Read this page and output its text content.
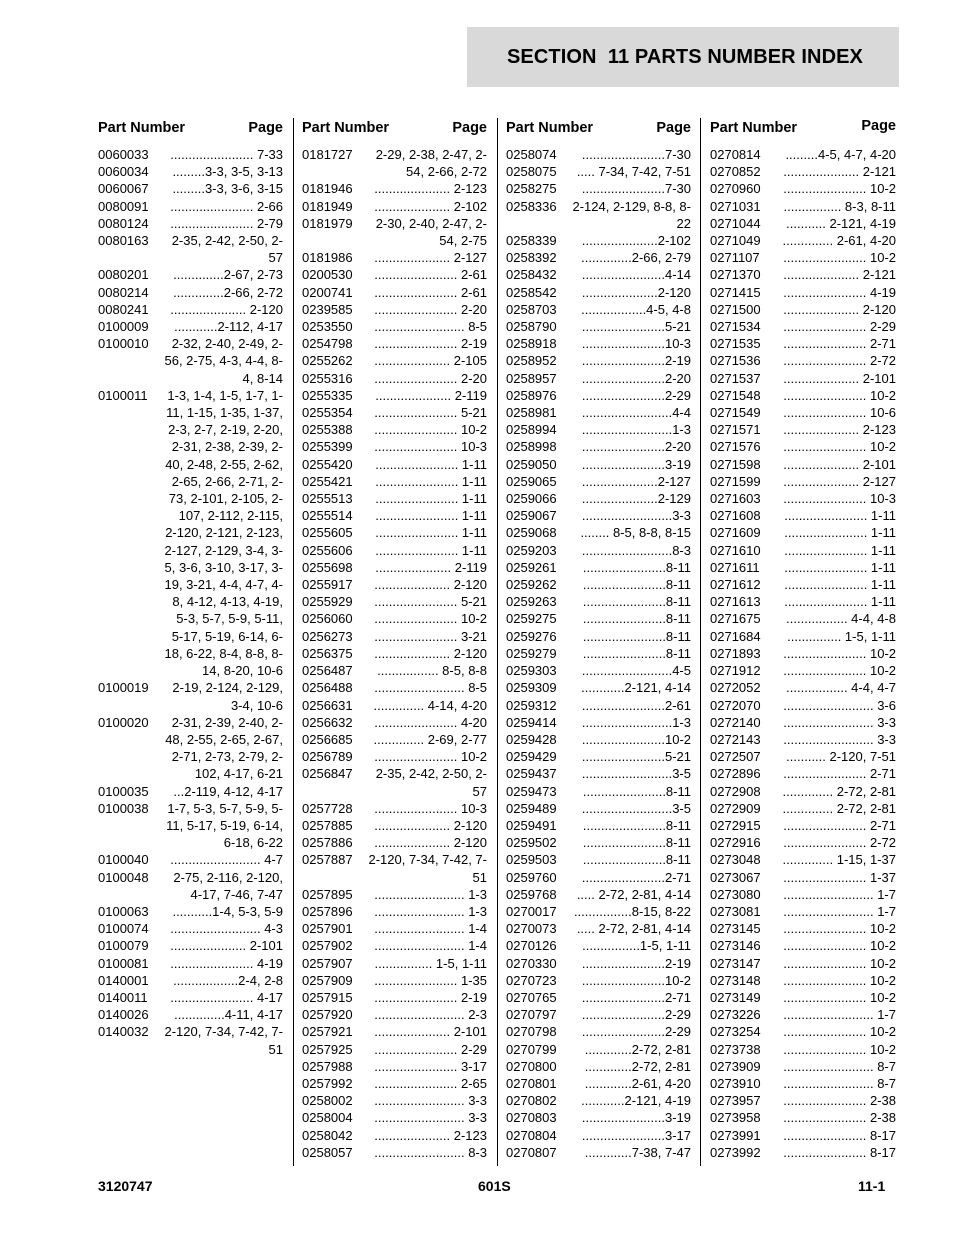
SECTION  11 PARTS NUMBER INDEX
Part Number	Page
0060033	....................... 7-33
0060034	.........3-3, 3-5, 3-13
0060067	.........3-3, 3-6, 3-15
0080091	....................... 2-66
0080124	....................... 2-79
0080163	2-35, 2-42, 2-50, 2-57
0080201	..............2-67, 2-73
0080214	..............2-66, 2-72
0080241	..................... 2-120
0100009	............2-112, 4-17
0100010	2-32, 2-40, 2-49, 2-56, 2-75, 4-3, 4-4, 8-4, 8-14
0100011	1-3, 1-4, 1-5, 1-7, 1-11, 1-15, 1-35, 1-37, 2-3, 2-7, 2-19, 2-20, 2-31, 2-38, 2-39, 2-40, 2-48, 2-55, 2-62, 2-65, 2-66, 2-71, 2-73, 2-101, 2-105, 2-107, 2-112, 2-115, 2-120, 2-121, 2-123, 2-127, 2-129, 3-4, 3-5, 3-6, 3-10, 3-17, 3-19, 3-21, 4-4, 4-7, 4-8, 4-12, 4-13, 4-19, 5-3, 5-7, 5-9, 5-11, 5-17, 5-19, 6-14, 6-18, 6-22, 8-4, 8-8, 8-14, 8-20, 10-6
0100019	2-19, 2-124, 2-129, 3-4, 10-6
0100020	2-31, 2-39, 2-40, 2-48, 2-55, 2-65, 2-67, 2-71, 2-73, 2-79, 2-102, 4-17, 6-21
0100035	...2-119, 4-12, 4-17
0100038	1-7, 5-3, 5-7, 5-9, 5-11, 5-17, 5-19, 6-14, 6-18, 6-22
0100040	......................... 4-7
0100048	2-75, 2-116, 2-120, 4-17, 7-46, 7-47
0100063	...........1-4, 5-3, 5-9
0100074	......................... 4-3
0100079	..................... 2-101
0100081	....................... 4-19
0140001	..................2-4, 2-8
0140011	....................... 4-17
0140026	..............4-11, 4-17
0140032	2-120, 7-34, 7-42, 7-51
Part Number	Page
0181727	2-29, 2-38, 2-47, 2-54, 2-66, 2-72
0181946	..................... 2-123
0181949	..................... 2-102
0181979	2-30, 2-40, 2-47, 2-54, 2-75
0181986	..................... 2-127
0200530	....................... 2-61
0200741	....................... 2-61
0239585	....................... 2-20
0253550	......................... 8-5
0254798	....................... 2-19
0255262	..................... 2-105
0255316	....................... 2-20
0255335	..................... 2-119
0255354	....................... 5-21
0255388	....................... 10-2
0255399	....................... 10-3
0255420	....................... 1-11
0255421	....................... 1-11
0255513	....................... 1-11
0255514	....................... 1-11
0255605	....................... 1-11
0255606	....................... 1-11
0255698	..................... 2-119
0255917	..................... 2-120
0255929	....................... 5-21
0256060	....................... 10-2
0256273	....................... 3-21
0256375	..................... 2-120
0256487	................. 8-5, 8-8
0256488	......................... 8-5
0256631	.............. 4-14, 4-20
0256632	....................... 4-20
0256685	.............. 2-69, 2-77
0256789	....................... 10-2
0256847	2-35, 2-42, 2-50, 2-57
0257728	....................... 10-3
0257885	..................... 2-120
0257886	..................... 2-120
0257887	2-120, 7-34, 7-42, 7-51
0257895	......................... 1-3
0257896	......................... 1-3
0257901	......................... 1-4
0257902	......................... 1-4
0257907	................ 1-5, 1-11
0257909	....................... 1-35
0257915	....................... 2-19
0257920	......................... 2-3
0257921	..................... 2-101
0257925	....................... 2-29
0257988	....................... 3-17
0257992	....................... 2-65
0258002	......................... 3-3
0258004	......................... 3-3
0258042	..................... 2-123
0258057	......................... 8-3
Part Number	Page
0258074	.......................7-30
0258075	..... 7-34, 7-42, 7-51
0258275	.......................7-30
0258336	2-124, 2-129, 8-8, 8-22
0258339	.....................2-102
0258392	..............2-66, 2-79
0258432	.......................4-14
0258542	.....................2-120
0258703	..................4-5, 4-8
0258790	.......................5-21
0258918	.......................10-3
0258952	.......................2-19
0258957	.......................2-20
0258976	.......................2-29
0258981	.........................4-4
0258994	.........................1-3
0258998	.......................2-20
0259050	.......................3-19
0259065	.....................2-127
0259066	.....................2-129
0259067	.........................3-3
0259068	........ 8-5, 8-8, 8-15
0259203	.........................8-3
0259261	.......................8-11
0259262	.......................8-11
0259263	.......................8-11
0259275	.......................8-11
0259276	.......................8-11
0259279	.......................8-11
0259303	.........................4-5
0259309	............2-121, 4-14
0259312	.......................2-61
0259414	.........................1-3
0259428	.......................10-2
0259429	.......................5-21
0259437	.........................3-5
0259473	.......................8-11
0259489	.........................3-5
0259491	.......................8-11
0259502	.......................8-11
0259503	.......................8-11
0259760	.......................2-71
0259768	..... 2-72, 2-81, 4-14
0270017	................8-15, 8-22
0270073	..... 2-72, 2-81, 4-14
0270126	................1-5, 1-11
0270330	.......................2-19
0270723	.......................10-2
0270765	.......................2-71
0270797	.......................2-29
0270798	.......................2-29
0270799	.............2-72, 2-81
0270800	.............2-72, 2-81
0270801	.............2-61, 4-20
0270802	............2-121, 4-19
0270803	.......................3-19
0270804	.......................3-17
0270807	.............7-38, 7-47
Part Number	Page
0270814	.........4-5, 4-7, 4-20
0270852	..................... 2-121
0270960	....................... 10-2
0271031	................ 8-3, 8-11
0271044	........... 2-121, 4-19
0271049	.............. 2-61, 4-20
0271107	....................... 10-2
0271370	..................... 2-121
0271415	....................... 4-19
0271500	..................... 2-120
0271534	....................... 2-29
0271535	....................... 2-71
0271536	....................... 2-72
0271537	..................... 2-101
0271548	....................... 10-2
0271549	....................... 10-6
0271571	..................... 2-123
0271576	....................... 10-2
0271598	..................... 2-101
0271599	..................... 2-127
0271603	....................... 10-3
0271608	....................... 1-11
0271609	....................... 1-11
0271610	....................... 1-11
0271611	....................... 1-11
0271612	....................... 1-11
0271613	....................... 1-11
0271675	................. 4-4, 4-8
0271684	............... 1-5, 1-11
0271893	....................... 10-2
0271912	....................... 10-2
0272052	................. 4-4, 4-7
0272070	......................... 3-6
0272140	......................... 3-3
0272143	......................... 3-3
0272507	........... 2-120, 7-51
0272896	....................... 2-71
0272908	.............. 2-72, 2-81
0272909	.............. 2-72, 2-81
0272915	....................... 2-71
0272916	....................... 2-72
0273048	.............. 1-15, 1-37
0273067	....................... 1-37
0273080	......................... 1-7
0273081	......................... 1-7
0273145	....................... 10-2
0273146	....................... 10-2
0273147	....................... 10-2
0273148	....................... 10-2
0273149	....................... 10-2
0273226	......................... 1-7
0273254	....................... 10-2
0273738	....................... 10-2
0273909	......................... 8-7
0273910	......................... 8-7
0273957	....................... 2-38
0273958	....................... 2-38
0273991	....................... 8-17
0273992	....................... 8-17
3120747	601S	11-1
